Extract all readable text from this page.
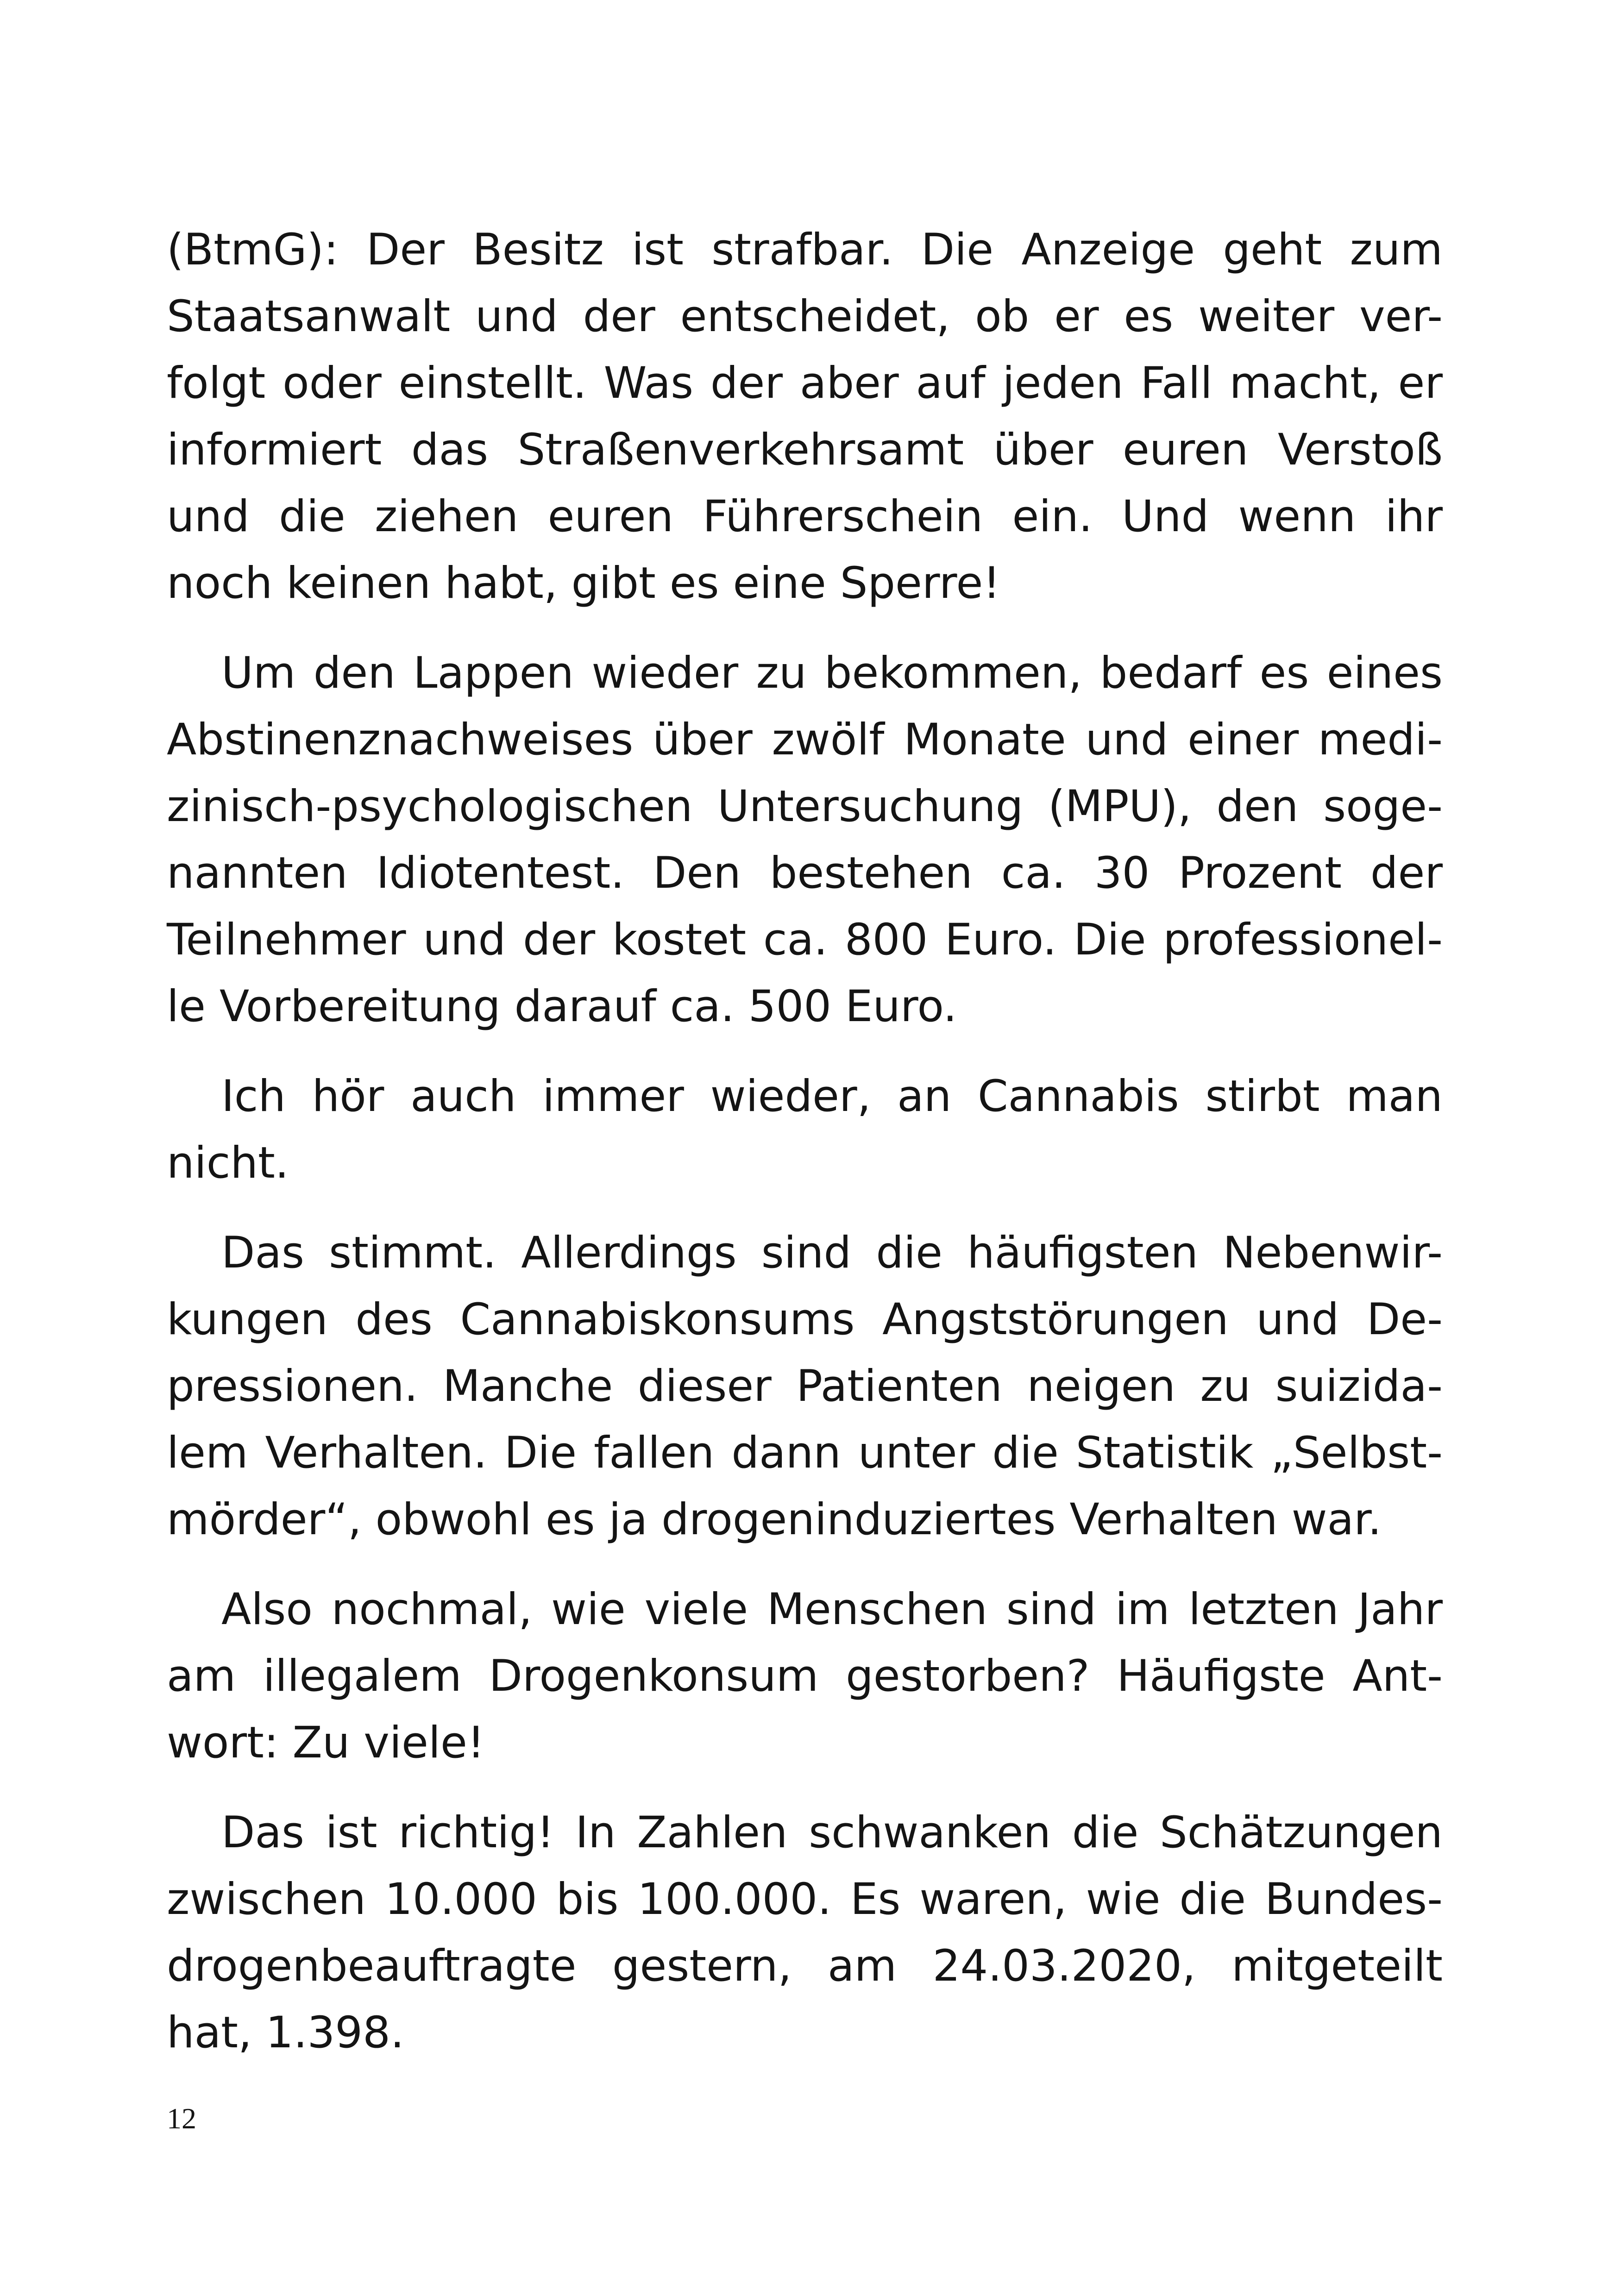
(BtmG): Der Besitz ist strafbar. Die Anzeige geht zum
Staatsanwalt und der entscheidet, ob er es weiter ver-
folgt oder einstellt. Was der aber auf jeden Fall macht, er
informiert das Straßenverkehrsamt über euren Verstoß
und die ziehen euren Führerschein ein. Und wenn ihr
noch keinen habt, gibt es eine Sperre!
Um den Lappen wieder zu bekommen, bedarf es eines
Abstinenznachweises über zwölf Monate und einer medi-
zinisch-psychologischen Untersuchung (MPU), den soge-
nannten Idiotentest. Den bestehen ca. 30 Prozent der
Teilnehmer und der kostet ca. 800 Euro. Die professionel-
le Vorbereitung darauf ca. 500 Euro.
Ich hör auch immer wieder, an Cannabis stirbt man
nicht.
Das stimmt. Allerdings sind die häufigsten Nebenwir-
kungen des Cannabiskonsums Angststörungen und De-
pressionen. Manche dieser Patienten neigen zu suizida-
lem Verhalten. Die fallen dann unter die Statistik „Selbst-
mörder“, obwohl es ja drogeninduziertes Verhalten war.
Also nochmal, wie viele Menschen sind im letzten Jahr
am illegalem Drogenkonsum gestorben? Häufigste Ant-
wort: Zu viele!
Das ist richtig! In Zahlen schwanken die Schätzungen
zwischen 10.000 bis 100.000. Es waren, wie die Bundes-
drogenbeauftragte gestern, am 24.03.2020, mitgeteilt
hat, 1.398.
12
